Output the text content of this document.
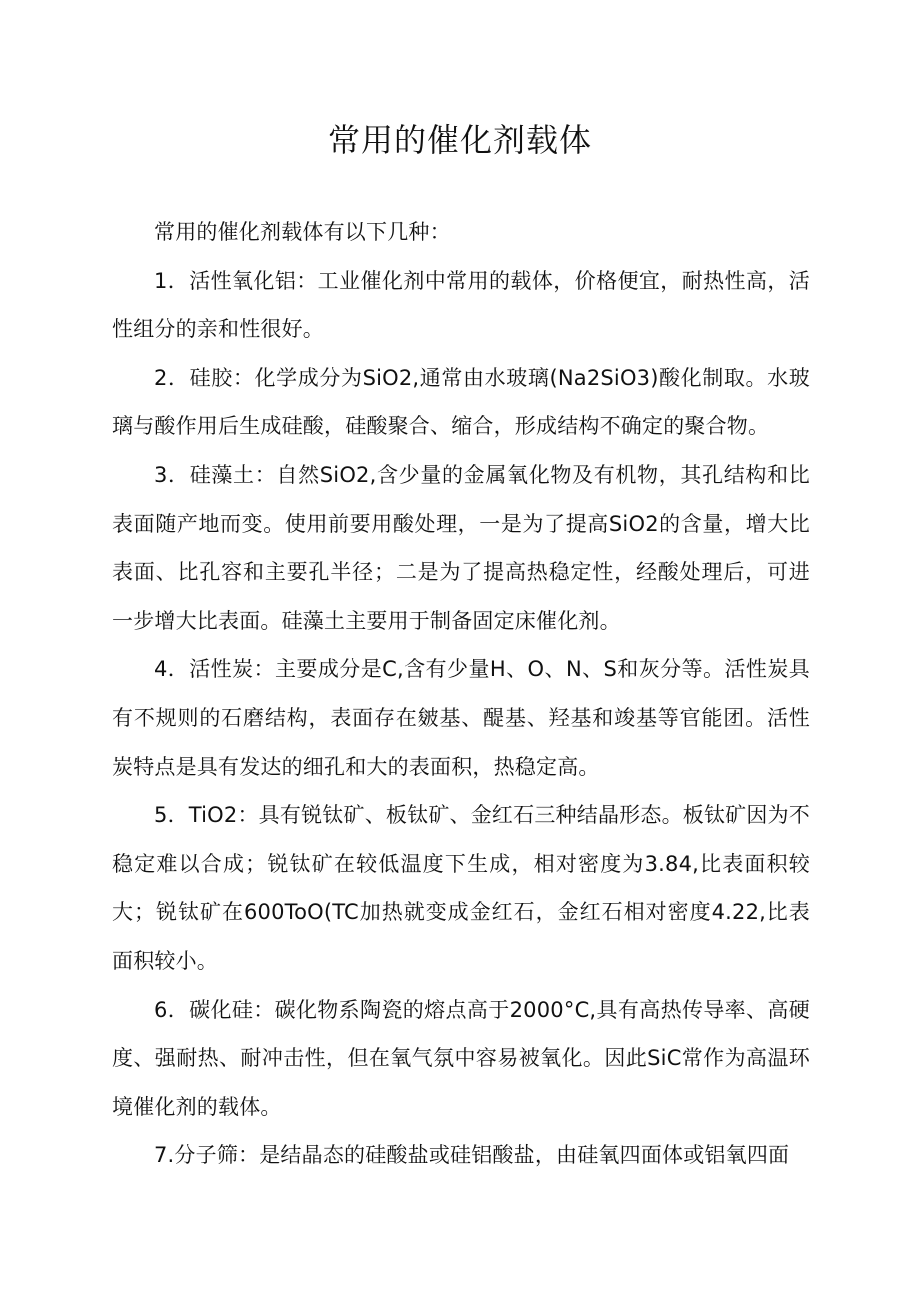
常用的催化剂载体

常用的催化剂载体有以下几种：

1．活性氧化铝：工业催化剂中常用的载体，价格便宜，耐热性高，活性组分的亲和性很好。

2．硅胶：化学成分为SiO2,通常由水玻璃(Na2SiO3)酸化制取。水玻璃与酸作用后生成硅酸，硅酸聚合、缩合，形成结构不确定的聚合物。

3．硅藻土：自然SiO2,含少量的金属氧化物及有机物，其孔结构和比表面随产地而变。使用前要用酸处理，一是为了提高SiO2的含量，增大比表面、比孔容和主要孔半径；二是为了提高热稳定性，经酸处理后，可进一步增大比表面。硅藻土主要用于制备固定床催化剂。

4．活性炭：主要成分是C,含有少量H、O、N、S和灰分等。活性炭具有不规则的石磨结构，表面存在皴基、醍基、羟基和竣基等官能团。活性炭特点是具有发达的细孔和大的表面积，热稳定高。

5．TiO2：具有锐钛矿、板钛矿、金红石三种结晶形态。板钛矿因为不稳定难以合成；锐钛矿在较低温度下生成，相对密度为3.84,比表面积较大；锐钛矿在600ToO(TC加热就变成金红石，金红石相对密度4.22,比表面积较小。

6．碳化硅：碳化物系陶瓷的熔点高于2000°C,具有高热传导率、高硬度、强耐热、耐冲击性，但在氧气氛中容易被氧化。因此SiC常作为高温环境催化剂的载体。

7.分子筛：是结晶态的硅酸盐或硅铝酸盐，由硅氧四面体或铝氧四面
